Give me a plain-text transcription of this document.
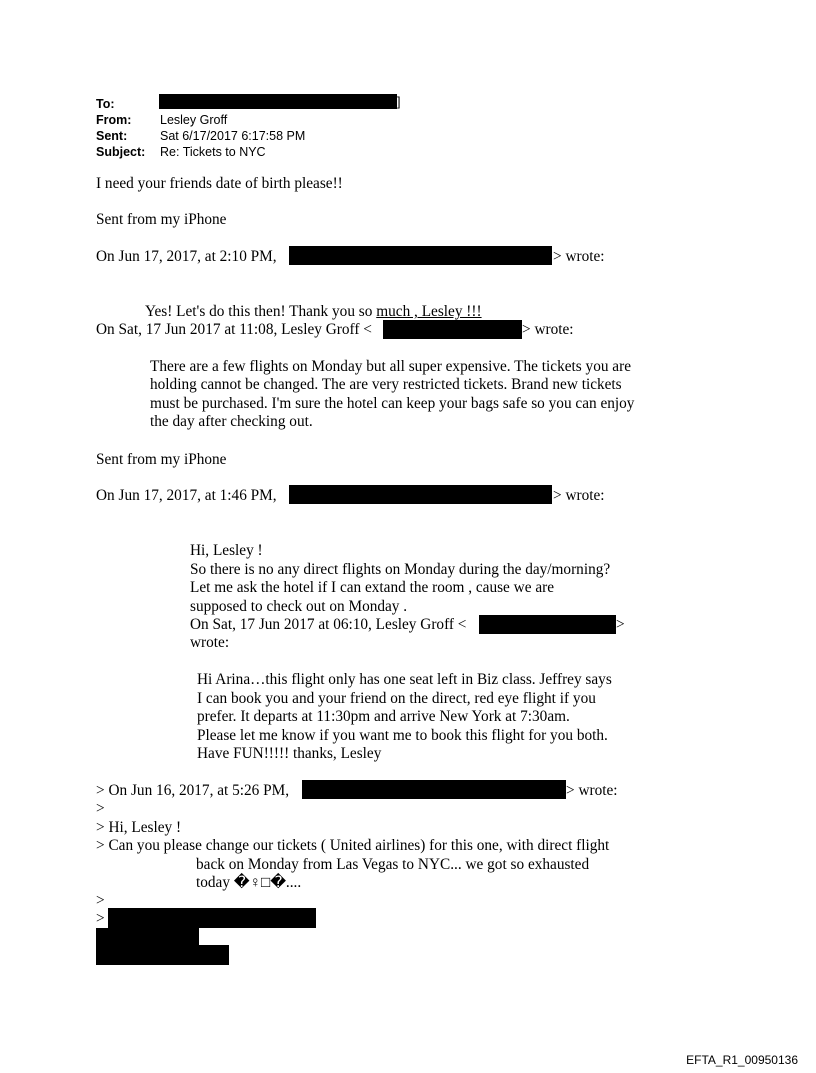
To:
From: Lesley Groff
Sent:	Sat 6/17/2017 6:17:58 PM
Subject: Re: Tickets to NYC
]
I need your friends date of birth please!!
Sent from my iPhone
On Jun 17, 2017, at 2:10 PM,	> wrote:
Yes! Let's do this then! Thank you so much , Lesley !!!
On Sat, 17 Jun 2017 at 11:08, Lesley Groff <	> wrote:
There are a few flights on Monday but all super expensive. The tickets you are
holding cannot be changed. The are very restricted tickets. Brand new tickets
must be purchased. I'm sure the hotel can keep your bags safe so you can enjoy
the day after checking out.
Sent from my iPhone
On Jun 17, 2017, at 1:46 PM,	> wrote:
Hi, Lesley !
So there is no any direct flights on Monday during the day/morning?
Let me ask the hotel if I can extand the room , cause we are
supposed to check out on Monday .
On Sat, 17 Jun 2017 at 06:10, Lesley Groff <	>
wrote:
Hi Arina…this flight only has one seat left in Biz class. Jeffrey says
I can book you and your friend on the direct, red eye flight if you
prefer. It departs at 11:30pm and arrive New York at 7:30am.
Please let me know if you want me to book this flight for you both.
Have FUN!!!!! thanks, Lesley
> On Jun 16, 2017, at 5:26 PM,	> wrote:
>
> Hi, Lesley !
> Can you please change our tickets ( United airlines) for this one, with direct flight
back on Monday from Las Vegas to NYC... we got so exhausted
today �♀□�....
>
>
EFTA_R1_00950136
